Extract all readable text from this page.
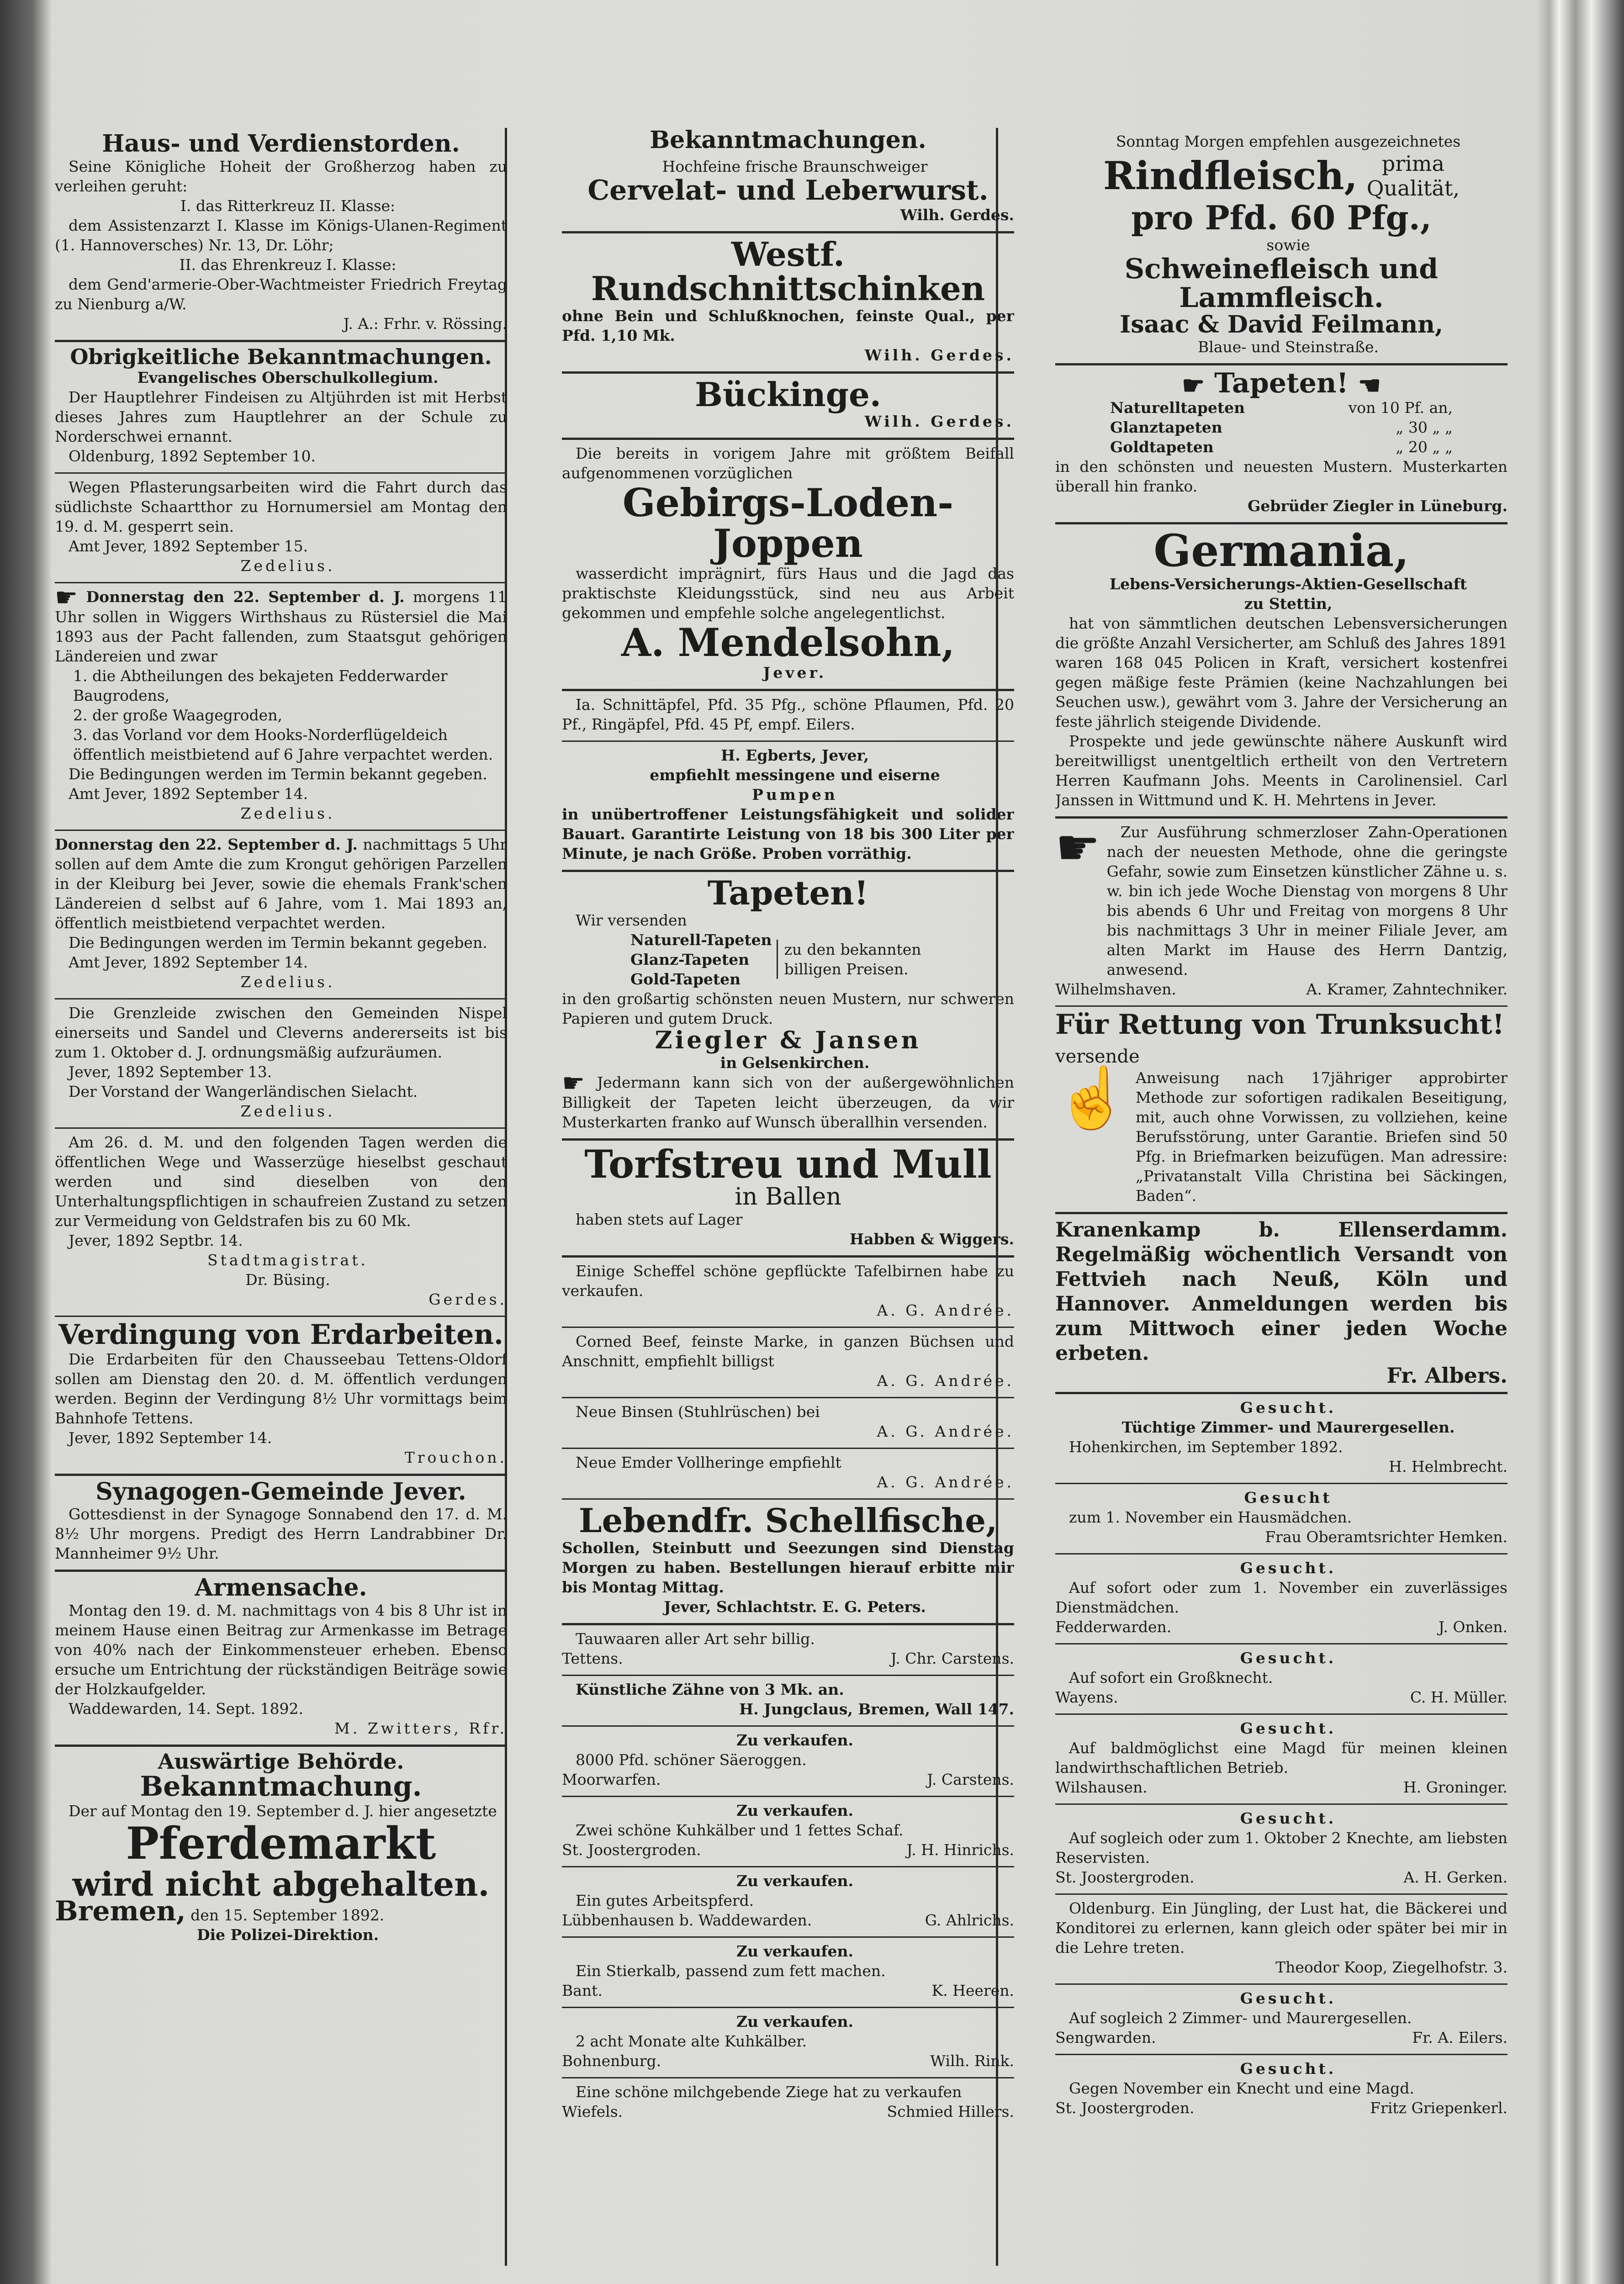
Haus- und Verdienstorden.

Seine Königliche Hoheit der Großherzog haben zu verleihen geruht:

I. das Ritterkreuz II. Klasse:

dem Assistenzarzt I. Klasse im Königs-Ulanen-Regiment (1. Hannoversches) Nr. 13, Dr. Löhr;

II. das Ehrenkreuz I. Klasse:

dem Gend'armerie-Ober-Wachtmeister Friedrich Freytag zu Nienburg a/W.

J. A.: Frhr. v. Rössing.

Obrigkeitliche Bekanntmachungen.

Evangelisches Oberschulkollegium.

Der Hauptlehrer Findeisen zu Altjührden ist mit Herbst dieses Jahres zum Hauptlehrer an der Schule zu Norderschwei ernannt.

Oldenburg, 1892 September 10.

Wegen Pflasterungsarbeiten wird die Fahrt durch das südlichste Schaartthor zu Hornumersiel am Montag den 19. d. M. gesperrt sein.

Amt Jever, 1892 September 15.

Zedelius.

☛ Donnerstag den 22. September d. J. morgens 11 Uhr sollen in Wiggers Wirthshaus zu Rüstersiel die Mai 1893 aus der Pacht fallenden, zum Staatsgut gehörigen Ländereien und zwar

1. die Abtheilungen des bekajeten Fedderwarder Baugrodens,

2. der große Waagegroden,

3. das Vorland vor dem Hooks-Norderflügeldeich öffentlich meistbietend auf 6 Jahre verpachtet werden.

Die Bedingungen werden im Termin bekannt gegeben.

Amt Jever, 1892 September 14.

Zedelius.

Donnerstag den 22. September d. J. nachmittags 5 Uhr sollen auf dem Amte die zum Krongut gehörigen Parzellen in der Kleiburg bei Jever, sowie die ehemals Frank'schen Ländereien d selbst auf 6 Jahre, vom 1. Mai 1893 an, öffentlich meistbietend verpachtet werden.

Die Bedingungen werden im Termin bekannt gegeben.

Amt Jever, 1892 September 14.

Zedelius.

Die Grenzleide zwischen den Gemeinden Nispel einerseits und Sandel und Cleverns andererseits ist bis zum 1. Oktober d. J. ordnungsmäßig aufzuräumen.

Jever, 1892 September 13.

Der Vorstand der Wangerländischen Sielacht.

Zedelius.

Am 26. d. M. und den folgenden Tagen werden die öffentlichen Wege und Wasserzüge hieselbst geschaut werden und sind dieselben von den Unterhaltungspflichtigen in schaufreien Zustand zu setzen zur Vermeidung von Geldstrafen bis zu 60 Mk.

Jever, 1892 Septbr. 14.

Stadtmagistrat.

Dr. Büsing.

Gerdes.

Verdingung von Erdarbeiten.

Die Erdarbeiten für den Chausseebau Tettens-Oldorf sollen am Dienstag den 20. d. M. öffentlich verdungen werden. Beginn der Verdingung 8½ Uhr vormittags beim Bahnhofe Tettens.

Jever, 1892 September 14.

Trouchon.

Synagogen-Gemeinde Jever.

Gottesdienst in der Synagoge Sonnabend den 17. d. M. 8½ Uhr morgens. Predigt des Herrn Landrabbiner Dr. Mannheimer 9½ Uhr.

Armensache.

Montag den 19. d. M. nachmittags von 4 bis 8 Uhr ist in meinem Hause einen Beitrag zur Armenkasse im Betrage von 40% nach der Einkommensteuer erheben. Ebenso ersuche um Entrichtung der rückständigen Beiträge sowie der Holzkaufgelder.

Waddewarden, 14. Sept. 1892.

M. Zwitters, Rfr.

Auswärtige Behörde.

Bekanntmachung.

Der auf Montag den 19. September d. J. hier angesetzte

Pferdemarkt

wird nicht abgehalten.

Bremen, den 15. September 1892.

Die Polizei-Direktion.

Bekanntmachungen.

Hochfeine frische Braunschweiger

Cervelat- und Leberwurst.

Wilh. Gerdes.

Westf. Rundschnittschinken

ohne Bein und Schlußknochen, feinste Qual., per Pfd. 1,10 Mk.

Wilh. Gerdes.

Bückinge.

Wilh. Gerdes.

Die bereits in vorigem Jahre mit größtem Beifall aufgenommenen vorzüglichen

Gebirgs-Loden-Joppen

wasserdicht imprägnirt, fürs Haus und die Jagd das praktischste Kleidungsstück, sind neu aus Arbeit gekommen und empfehle solche angelegentlichst.

A. Mendelsohn,

Jever.

Ia. Schnittäpfel, Pfd. 35 Pfg., schöne Pflaumen, Pfd. 20 Pf., Ringäpfel, Pfd. 45 Pf, empf. Eilers.

H. Egberts, Jever,

empfiehlt messingene und eiserne

Pumpen

in unübertroffener Leistungsfähigkeit und solider Bauart. Garantirte Leistung von 18 bis 300 Liter per Minute, je nach Größe. Proben vorräthig.

Tapeten!

Wir versenden

Naturell-Tapeten

Glanz-Tapeten

Gold-Tapeten

zu den bekannten billigen Preisen.

in den großartig schönsten neuen Mustern, nur schweren Papieren und gutem Druck.

Ziegler & Jansen

in Gelsenkirchen.

☛ Jedermann kann sich von der außergewöhnlichen Billigkeit der Tapeten leicht überzeugen, da wir Musterkarten franko auf Wunsch überallhin versenden.

Torfstreu und Mull

in Ballen

haben stets auf Lager

Habben & Wiggers.

Einige Scheffel schöne gepflückte Tafelbirnen habe zu verkaufen.

A. G. Andrée.

Corned Beef, feinste Marke, in ganzen Büchsen und Anschnitt, empfiehlt billigst

A. G. Andrée.

Neue Binsen (Stuhlrüschen) bei

A. G. Andrée.

Neue Emder Vollheringe empfiehlt

A. G. Andrée.

Lebendfr. Schellfische,

Schollen, Steinbutt und Seezungen sind Dienstag Morgen zu haben. Bestellungen hierauf erbitte mir bis Montag Mittag.

Jever, Schlachtstr. E. G. Peters.

Tauwaaren aller Art sehr billig.

Tettens.	J. Chr. Carstens.

Künstliche Zähne von 3 Mk. an.

H. Jungclaus, Bremen, Wall 147.

Zu verkaufen.

8000 Pfd. schöner Säeroggen.

Moorwarfen.	J. Carstens.

Zu verkaufen.

Zwei schöne Kuhkälber und 1 fettes Schaf.

St. Joostergroden.	J. H. Hinrichs.

Zu verkaufen.

Ein gutes Arbeitspferd.

Lübbenhausen b. Waddewarden.	G. Ahlrichs.

Zu verkaufen.

Ein Stierkalb, passend zum fett machen.

Bant.	K. Heeren.

Zu verkaufen.

2 acht Monate alte Kuhkälber.

Bohnenburg.	Wilh. Rink.

Eine schöne milchgebende Ziege hat zu verkaufen

Wiefels.	Schmied Hillers.

Sonntag Morgen empfehlen ausgezeichnetes

Rindfleisch,	prima
Qualität,

pro Pfd. 60 Pfg.,

sowie

Schweinefleisch und Lammfleisch.

Isaac & David Feilmann,

Blaue- und Steinstraße.

☛ Tapeten! ☚

Naturelltapeten	von 10 Pf. an,
Glanztapeten	„ 30 „ „
Goldtapeten	„ 20 „ „

in den schönsten und neuesten Mustern. Musterkarten überall hin franko.

Gebrüder Ziegler in Lüneburg.

Germania,

Lebens-Versicherungs-Aktien-Gesellschaft

zu Stettin,

hat von sämmtlichen deutschen Lebensversicherungen die größte Anzahl Versicherter, am Schluß des Jahres 1891 waren 168 045 Policen in Kraft, versichert kostenfrei gegen mäßige feste Prämien (keine Nachzahlungen bei Seuchen usw.), gewährt vom 3. Jahre der Versicherung an feste jährlich steigende Dividende.

Prospekte und jede gewünschte nähere Auskunft wird bereitwilligst unentgeltlich ertheilt von den Vertretern Herren Kaufmann Johs. Meents in Carolinensiel. Carl Janssen in Wittmund und K. H. Mehrtens in Jever.

☛	Zur Ausführung schmerzloser Zahn-Operationen nach der neuesten Methode, ohne die geringste Gefahr, sowie zum Einsetzen künstlicher Zähne u. s. w. bin ich jede Woche Dienstag von morgens 8 Uhr bis abends 6 Uhr und Freitag von morgens 8 Uhr bis nachmittags 3 Uhr in meiner Filiale Jever, am alten Markt im Hause des Herrn Dantzig, anwesend.

Wilhelmshaven.	A. Kramer, Zahntechniker.

Für Rettung von Trunksucht! versende

☝ Anweisung nach 17jähriger approbirter Methode zur sofortigen radikalen Beseitigung, mit, auch ohne Vorwissen, zu vollziehen, keine Berufsstörung, unter Garantie. Briefen sind 50 Pfg. in Briefmarken beizufügen. Man adressire: „Privatanstalt Villa Christina bei Säckingen, Baden“.

Kranenkamp b. Ellenserdamm. Regelmäßig wöchentlich Versandt von Fettvieh nach Neuß, Köln und Hannover. Anmeldungen werden bis zum Mittwoch einer jeden Woche erbeten.

Fr. Albers.

Gesucht.

Tüchtige Zimmer- und Maurergesellen.

Hohenkirchen, im September 1892.

H. Helmbrecht.

Gesucht

zum 1. November ein Hausmädchen.

Frau Oberamtsrichter Hemken.

Gesucht.

Auf sofort oder zum 1. November ein zuverlässiges Dienstmädchen.

Fedderwarden.	J. Onken.

Gesucht.

Auf sofort ein Großknecht.

Wayens.	C. H. Müller.

Gesucht.

Auf baldmöglichst eine Magd für meinen kleinen landwirthschaftlichen Betrieb.

Wilshausen.	H. Groninger.

Gesucht.

Auf sogleich oder zum 1. Oktober 2 Knechte, am liebsten Reservisten.

St. Joostergroden.	A. H. Gerken.

Oldenburg. Ein Jüngling, der Lust hat, die Bäckerei und Konditorei zu erlernen, kann gleich oder später bei mir in die Lehre treten.

Theodor Koop, Ziegelhofstr. 3.

Gesucht.

Auf sogleich 2 Zimmer- und Maurergesellen.

Sengwarden.	Fr. A. Eilers.

Gesucht.

Gegen November ein Knecht und eine Magd.

St. Joostergroden.	Fritz Griepenkerl.
